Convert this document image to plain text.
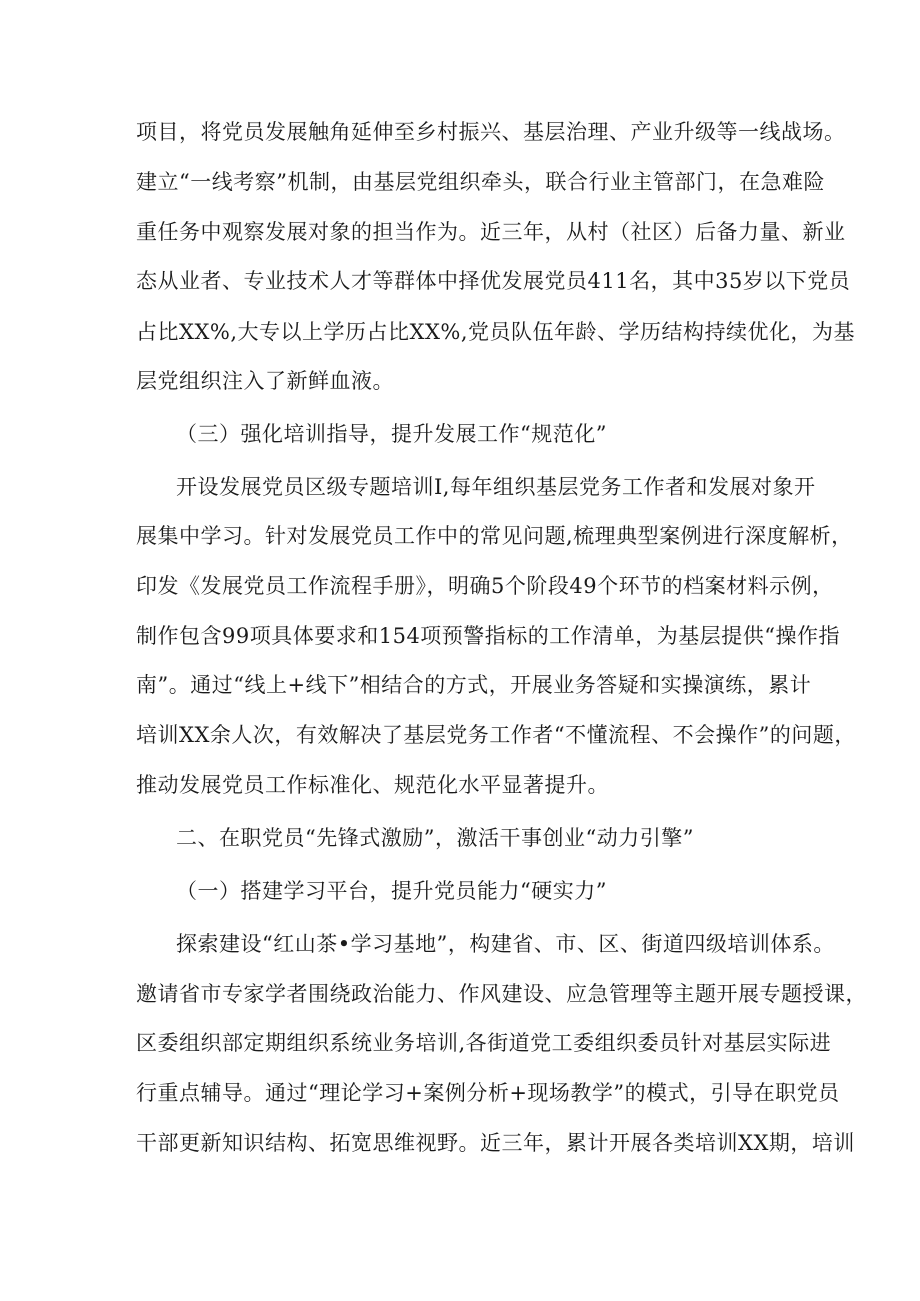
项目，将党员发展触角延伸至乡村振兴、基层治理、产业升级等一线战场。
建立“一线考察”机制，由基层党组织牵头，联合行业主管部门，在急难险
重任务中观察发展对象的担当作为。近三年，从村（社区）后备力量、新业
态从业者、专业技术人才等群体中择优发展党员411名，其中35岁以下党员
占比XX%,大专以上学历占比XX%,党员队伍年龄、学历结构持续优化，为基
层党组织注入了新鲜血液。
（三）强化培训指导，提升发展工作“规范化”
开设发展党员区级专题培训I,每年组织基层党务工作者和发展对象开
展集中学习。针对发展党员工作中的常见问题,梳理典型案例进行深度解析，
印发《发展党员工作流程手册》，明确5个阶段49个环节的档案材料示例，
制作包含99项具体要求和154项预警指标的工作清单，为基层提供“操作指
南”。通过“线上+线下”相结合的方式，开展业务答疑和实操演练，累计
培训XX余人次，有效解决了基层党务工作者“不懂流程、不会操作”的问题，
推动发展党员工作标准化、规范化水平显著提升。
二、在职党员“先锋式激励”，激活干事创业“动力引擎”
（一）搭建学习平台，提升党员能力“硬实力”
探索建设“红山茶•学习基地”，构建省、市、区、街道四级培训体系。
邀请省市专家学者围绕政治能力、作风建设、应急管理等主题开展专题授课，
区委组织部定期组织系统业务培训,各街道党工委组织委员针对基层实际进
行重点辅导。通过“理论学习+案例分析+现场教学”的模式，引导在职党员
干部更新知识结构、拓宽思维视野。近三年，累计开展各类培训XX期，培训
